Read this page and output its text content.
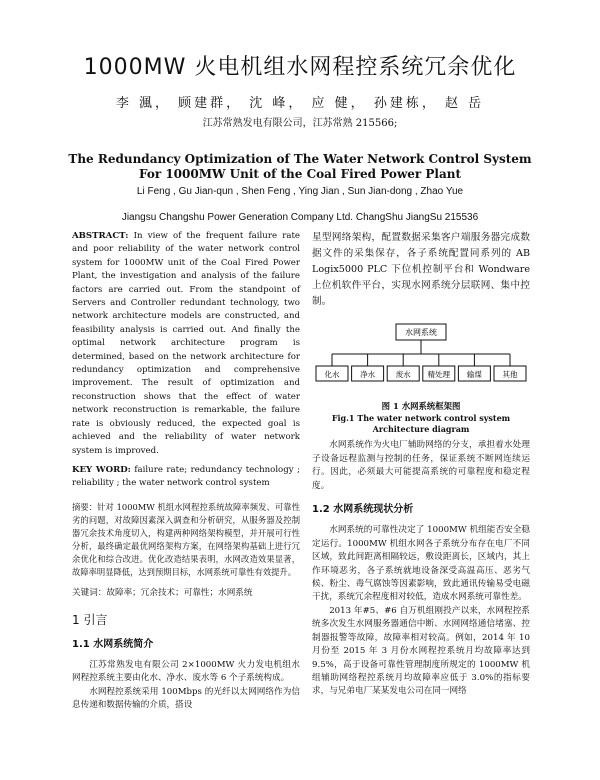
1000MW 火电机组水网程控系统冗余优化
李 渢， 顾建群， 沈 峰， 应 健， 孙建栋， 赵 岳
江苏常熟发电有限公司，江苏常熟 215566;
The Redundancy Optimization of The Water Network Control System For 1000MW Unit of the Coal Fired Power Plant
Li Feng , Gu Jian-qun , Shen Feng , Ying Jian , Sun Jian-dong , Zhao Yue
Jiangsu Changshu Power Generation Company Ltd. ChangShu JiangSu 215536
ABSTRACT: In view of the frequent failure rate and poor reliability of the water network control system for 1000MW unit of the Coal Fired Power Plant, the investigation and analysis of the failure factors are carried out. From the standpoint of Servers and Controller redundant technology, two network architecture models are constructed, and feasibility analysis is carried out. And finally the optimal network architecture program is determined, based on the network architecture for redundancy optimization and comprehensive improvement. The result of optimization and reconstruction shows that the effect of water network reconstruction is remarkable, the failure rate is obviously reduced, the expected goal is achieved and the reliability of water network system is improved.
KEY WORD: failure rate; redundancy technology ; reliability ; the water network control system
摘要：针对 1000MW 机组水网程控系统故障率频发、可靠性劣的问题，对故障因素深入调查和分析研究，从服务器及控制器冗余技术角度切入，构建两种网络架构模型，并开展可行性分析，最终确定最优网络架构方案，在网络架构基础上进行冗余优化和综合改进。优化改造结果表明，水网改造效果显著，故障率明显降低，达到预期目标，水网系统可靠性有效提升。
关键词：故障率；冗余技术；可靠性；水网系统
1 引言
1.1 水网系统简介

江苏常熟发电有限公司 2×1000MW 火力发电机组水网程控系统主要由化水、净水、废水等 6 个子系统构成。

水网程控系统采用 100Mbps 的光纤以太网网络作为信息传递和数据传输的介质，搭设

星型网络架构，配置数据采集客户端服务器完成数据文件的采集保存，各子系统配置同系列的 AB Logix5000 PLC 下位机控制平台和 Wondware 上位机软件平台，实现水网系统分层联网、集中控制。
水网系统
化水	净水	废水 精处理 输煤	其他
图 1 水网系统框架图
Fig.1 The water network control system Architecture diagram

水网系统作为火电厂辅助网络的分支，承担着水处理子设备远程监测与控制的任务，保证系统不断网连续运行。因此，必须最大可能提高系统的可靠程度和稳定程度。

1.2 水网系统现状分析

水网系统的可靠性决定了 1000MW 机组能否安全稳定运行。1000MW 机组水网各子系统分布存在电厂不同区域，致此间距离相隔较远，敷设距离长，区域内，其上作环境恶劣，各子系统就地设备深受高温高压、恶劣气候、粉尘、毒气腐蚀等因素影响，致此通讯传输易受电磁干扰，系统冗余程度相对较低，造成水网系统可靠性差。

2013 年#5、#6 自万机组刚投产以来，水网程控系统多次发生水网服务器通信中断、水网网络通信堵塞、控制器报警等故障，故障率相对较高。例如，2014 年 10 月份至 2015 年 3 月份水网程控系统月均故障率达到 9.5%，高于设备可靠性管理制度所规定的 1000MW 机组辅助网络程控系统月均故障率应低于 3.0%的指标要求，与兄弟电厂某某发电公司在同一网络
